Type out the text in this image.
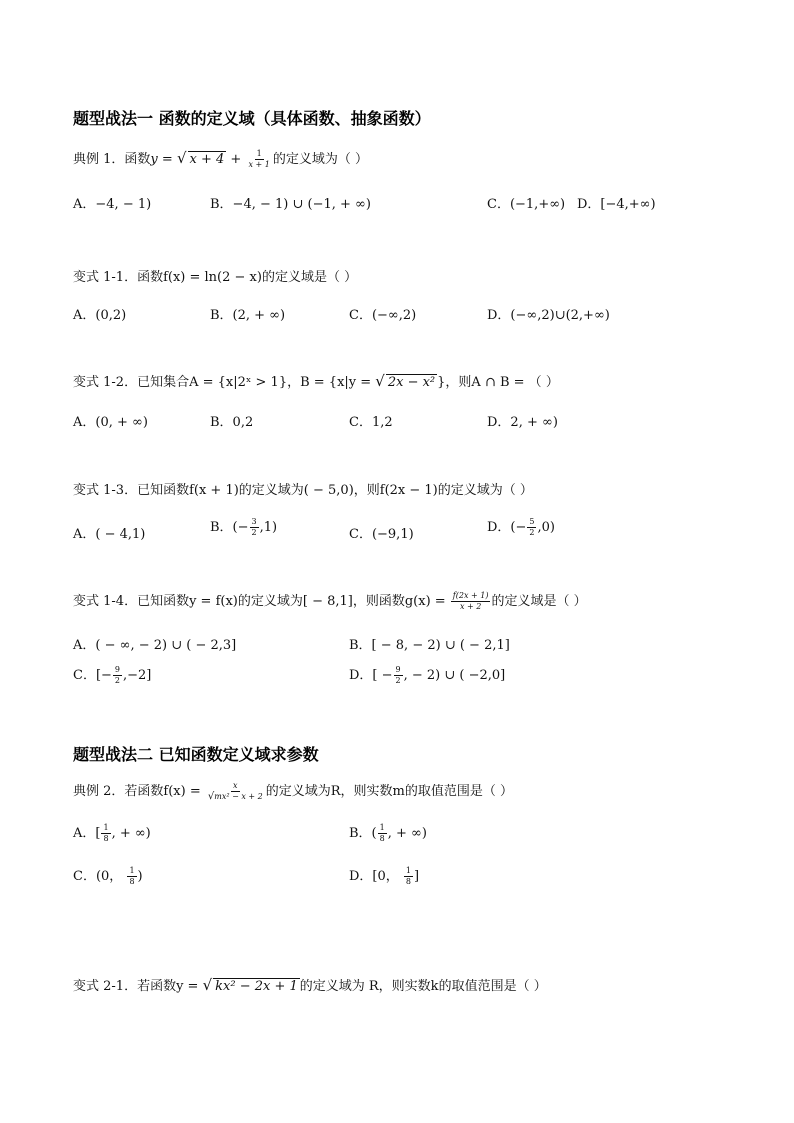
题型战法一 函数的定义域（具体函数、抽象函数）
典例 1．函数y = √ $x + 4 + \frac{1}{x + 1}$ 的定义域为（ ）
A．−4, − 1)	B．−4, − 1) ∪ (−1, + ∞)	C．(−1,+∞) D．[−4,+∞)
变式 1-1．函数f(x) = ln(2 − x)的定义域是（ ）
A．(0,2)	B．(2, + ∞)	C．(−∞,2)	D．(−∞,2)∪(2,+∞)
变式 1-2．已知集合A = {x|2ˣ > 1}，B = {x|y = √ 2x − x² }，则A ∩ B = （ ）
A．(0, + ∞)	B．0,2	C．1,2	D．2, + ∞)
变式 1-3．已知函数f(x + 1)的定义域为( − 5,0)，则f(2x − 1)的定义域为（ ）
A．( − 4,1)	B．(− $\frac{3}{2} ,1$)	C．(−9,1)	D．(− $\frac{5}{2} ,0$)
变式 1-4．已知函数y = f(x)的定义域为[ − 8,1]，则函数$g(x) = \frac{f(2x + 1)}{x + 2}$ 的定义域是（ ）
A．( − ∞, − 2) ∪ ( − 2,3]	B．[ − 8, − 2) ∪ ( − 2,1]
C．[− $\frac{9}{2} ,-2$]	D．[ − $\frac{9}{2}$ , − 2) ∪ ( −2,0]
题型战法二 已知函数定义域求参数
典例 2．若函数$f(x) = \frac{x}{\text{√mx² − x + 2}}$ 的定义域为R，则实数m的取值范围是（ ）
A．[ $\frac{1}{8}$ , + ∞)	B．( $\frac{1}{8}$ , + ∞)
C．(0， $\frac{1}{8}$ )	D．[0， $\frac{1}{8}$ ]
变式 2-1．若函数y = √ kx² − 2x + 1 的定义域为 R，则实数k的取值范围是（ ）
